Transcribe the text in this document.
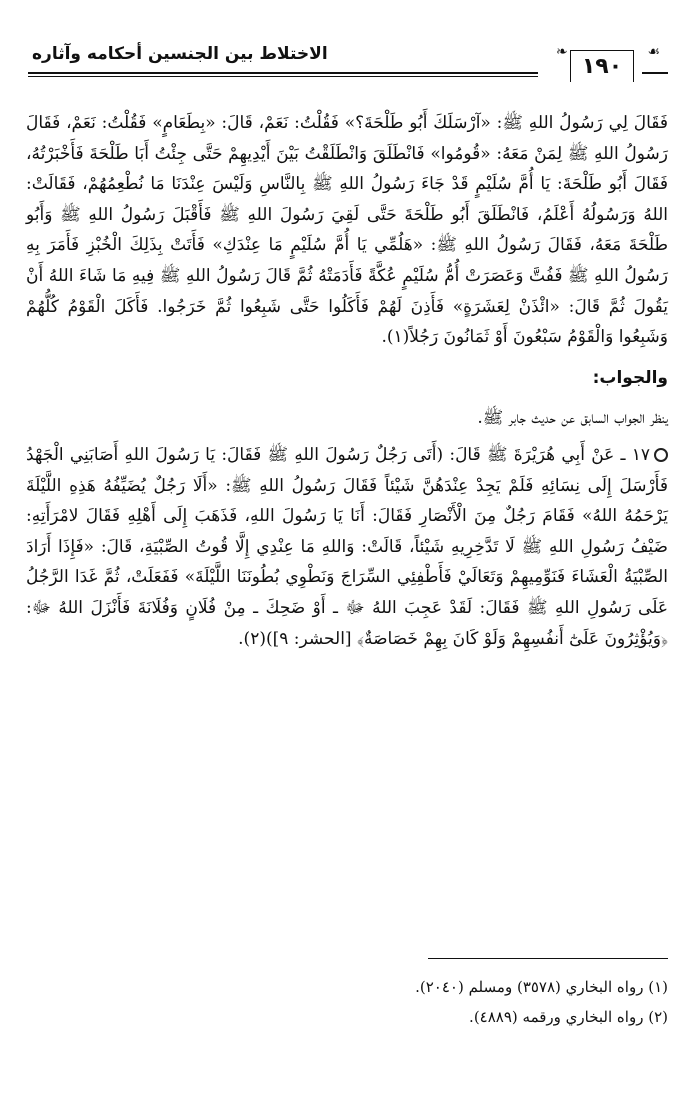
الاختلاط بين الجنسين أحكامه وآثاره	❧
١٩٠
☙

فَقَالَ لِي رَسُولُ اللهِ ﷺ: «آرْسَلَكَ أَبُو طَلْحَةَ؟» فَقُلْتُ: نَعَمْ، قَالَ: «بِطَعَامٍ» فَقُلْتُ: نَعَمْ، فَقَالَ رَسُولُ اللهِ ﷺ لِمَنْ مَعَهُ: «قُومُوا» فَانْطَلَقَ وَانْطَلَقْتُ بَيْنَ أَيْدِيهِمْ حَتَّى جِئْتُ أَبَا طَلْحَةَ فَأَخْبَرْتُهُ، فَقَالَ أَبُو طَلْحَةَ: يَا أُمَّ سُلَيْمٍ قَدْ جَاءَ رَسُولُ اللهِ ﷺ بِالنَّاسِ وَلَيْسَ عِنْدَنَا مَا نُطْعِمُهُمْ، فَقَالَتْ: اللهُ وَرَسُولُهُ أَعْلَمُ، فَانْطَلَقَ أَبُو طَلْحَةَ حَتَّى لَقِيَ رَسُولَ اللهِ ﷺ فَأَقْبَلَ رَسُولُ اللهِ ﷺ وَأَبُو طَلْحَةَ مَعَهُ، فَقَالَ رَسُولُ اللهِ ﷺ: «هَلُمِّي يَا أُمَّ سُلَيْمٍ مَا عِنْدَكِ» فَأَتَتْ بِذَلِكَ الْخُبْزِ فَأَمَرَ بِهِ رَسُولُ اللهِ ﷺ فَفُتَّ وَعَصَرَتْ أُمُّ سُلَيْمٍ عُكَّةً فَأَدَمَتْهُ ثُمَّ قَالَ رَسُولُ اللهِ ﷺ فِيهِ مَا شَاءَ اللهُ أَنْ يَقُولَ ثُمَّ قَالَ: «ائْذَنْ لِعَشَرَةٍ» فَأَذِنَ لَهُمْ فَأَكَلُوا حَتَّى شَبِعُوا ثُمَّ خَرَجُوا. فَأَكَلَ الْقَوْمُ كُلُّهُمْ وَشَبِعُوا وَالْقَوْمُ سَبْعُونَ أَوْ ثَمَانُونَ رَجُلاً(١).

والجواب:

ينظر الجواب السابق عن حديث جابر ﷺ.

١٧ ـ عَنْ أَبِي هُرَيْرَةَ ﷺ قَالَ: (أَتَى رَجُلٌ رَسُولَ اللهِ ﷺ فَقَالَ: يَا رَسُولَ اللهِ أَصَابَنِي الْجَهْدُ فَأَرْسَلَ إِلَى نِسَائِهِ فَلَمْ يَجِدْ عِنْدَهُنَّ شَيْئاً فَقَالَ رَسُولُ اللهِ ﷺ: «أَلَا رَجُلٌ يُضَيِّفُهُ هَذِهِ اللَّيْلَةَ يَرْحَمُهُ اللهُ» فَقَامَ رَجُلٌ مِنَ الْأَنْصَارِ فَقَالَ: أَنَا يَا رَسُولَ اللهِ، فَذَهَبَ إِلَى أَهْلِهِ فَقَالَ لامْرَأَتِهِ: ضَيْفُ رَسُولِ اللهِ ﷺ لَا تَدَّخِرِيهِ شَيْئاً، قَالَتْ: وَاللهِ مَا عِنْدِي إِلَّا قُوتُ الصِّبْيَةِ، قَالَ: «فَإِذَا أَرَادَ الصِّبْيَةُ الْعَشَاءَ فَنَوِّمِيهِمْ وَتَعَالَيْ فَأَطْفِئِي السِّرَاجَ وَنَطْوِي بُطُونَنَا اللَّيْلَةَ» فَفَعَلَتْ، ثُمَّ غَدَا الرَّجُلُ عَلَى رَسُولِ اللهِ ﷺ فَقَالَ: لَقَدْ عَجِبَ اللهُ ﷻ ـ أَوْ ضَحِكَ ـ مِنْ فُلَانٍ وَفُلَانَةَ فَأَنْزَلَ اللهُ ﷻ: ﴿وَيُؤْثِرُونَ عَلَىٰٓ أَنفُسِهِمْ وَلَوْ كَانَ بِهِمْ خَصَاصَةٌ﴾ [الحشر: ٩])(٢).

(١) رواه البخاري (٣٥٧٨) ومسلم (٢٠٤٠).
(٢) رواه البخاري ورقمه (٤٨٨٩).
